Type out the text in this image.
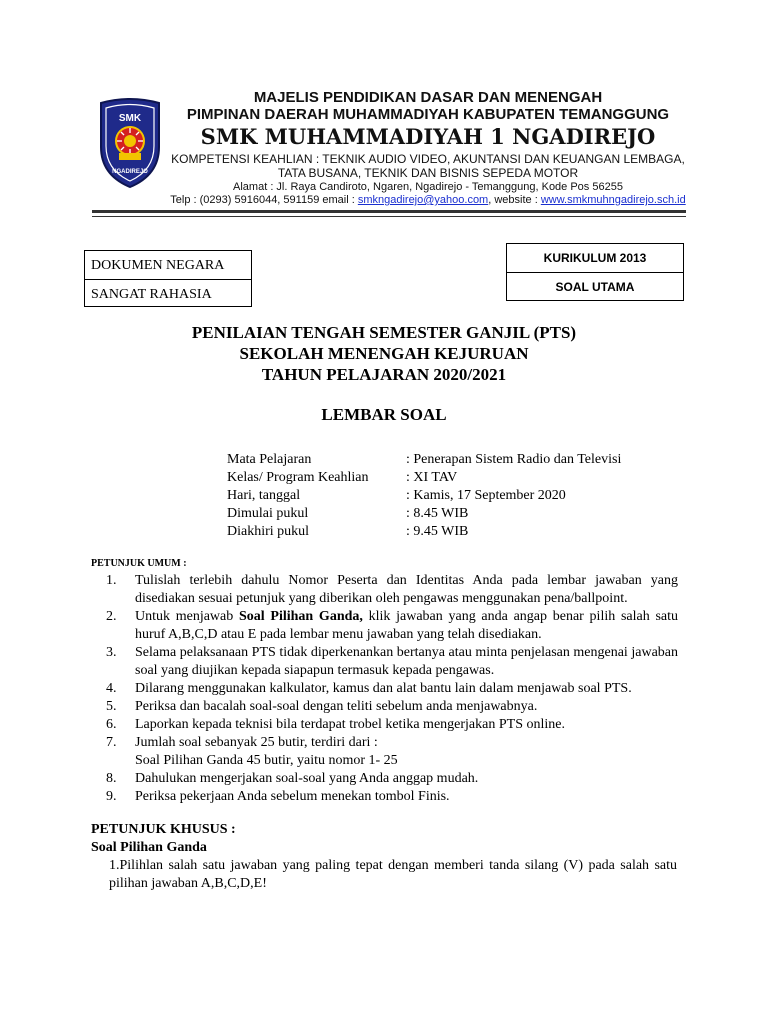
SMK
NGADIREJO
MAJELIS PENDIDIKAN DASAR DAN MENENGAH
PIMPINAN DAERAH MUHAMMADIYAH KABUPATEN TEMANGGUNG
SMK MUHAMMADIYAH 1 NGADIREJO
KOMPETENSI KEAHLIAN : TEKNIK AUDIO VIDEO, AKUNTANSI DAN KEUANGAN LEMBAGA,
TATA BUSANA, TEKNIK DAN BISNIS SEPEDA MOTOR
Alamat : Jl. Raya Candiroto, Ngaren, Ngadirejo - Temanggung, Kode Pos 56255
Telp : (0293) 5916044, 591159 email : smkngadirejo@yahoo.com, website : www.smkmuhngadirejo.sch.id
DOKUMEN NEGARA
SANGAT RAHASIA
KURIKULUM 2013
SOAL UTAMA
PENILAIAN TENGAH SEMESTER GANJIL (PTS)
SEKOLAH MENENGAH KEJURUAN
TAHUN PELAJARAN 2020/2021
LEMBAR SOAL
Mata Pelajaran	: Penerapan Sistem Radio dan Televisi
Kelas/ Program Keahlian	: XI TAV
Hari, tanggal	: Kamis, 17 September 2020
Dimulai pukul	: 8.45 WIB
Diakhiri pukul	: 9.45 WIB
PETUNJUK UMUM :
1.	Tulislah terlebih dahulu Nomor Peserta dan Identitas Anda pada lembar jawaban yang disediakan sesuai petunjuk yang diberikan oleh pengawas menggunakan pena/ballpoint.
2.	Untuk menjawab Soal Pilihan Ganda, klik jawaban yang anda angap benar pilih salah satu huruf A,B,C,D atau E pada lembar menu jawaban yang telah disediakan.
3.	Selama pelaksanaan PTS tidak diperkenankan bertanya atau minta penjelasan mengenai jawaban soal yang diujikan kepada siapapun termasuk kepada pengawas.
4.	Dilarang menggunakan kalkulator, kamus dan alat bantu lain dalam menjawab soal PTS.
5.	Periksa dan bacalah soal-soal dengan teliti sebelum anda menjawabnya.
6.	Laporkan kepada teknisi bila terdapat trobel ketika mengerjakan PTS online.
7.	Jumlah soal sebanyak 25 butir, terdiri dari :
Soal Pilihan Ganda 45 butir, yaitu nomor 1- 25
8.	Dahulukan mengerjakan soal-soal yang Anda anggap mudah.
9.	Periksa pekerjaan Anda sebelum menekan tombol Finis.
PETUNJUK KHUSUS :
Soal Pilihan Ganda
1.Pilihlan salah satu jawaban yang paling tepat dengan memberi tanda silang (V) pada salah satu pilihan jawaban A,B,C,D,E!
